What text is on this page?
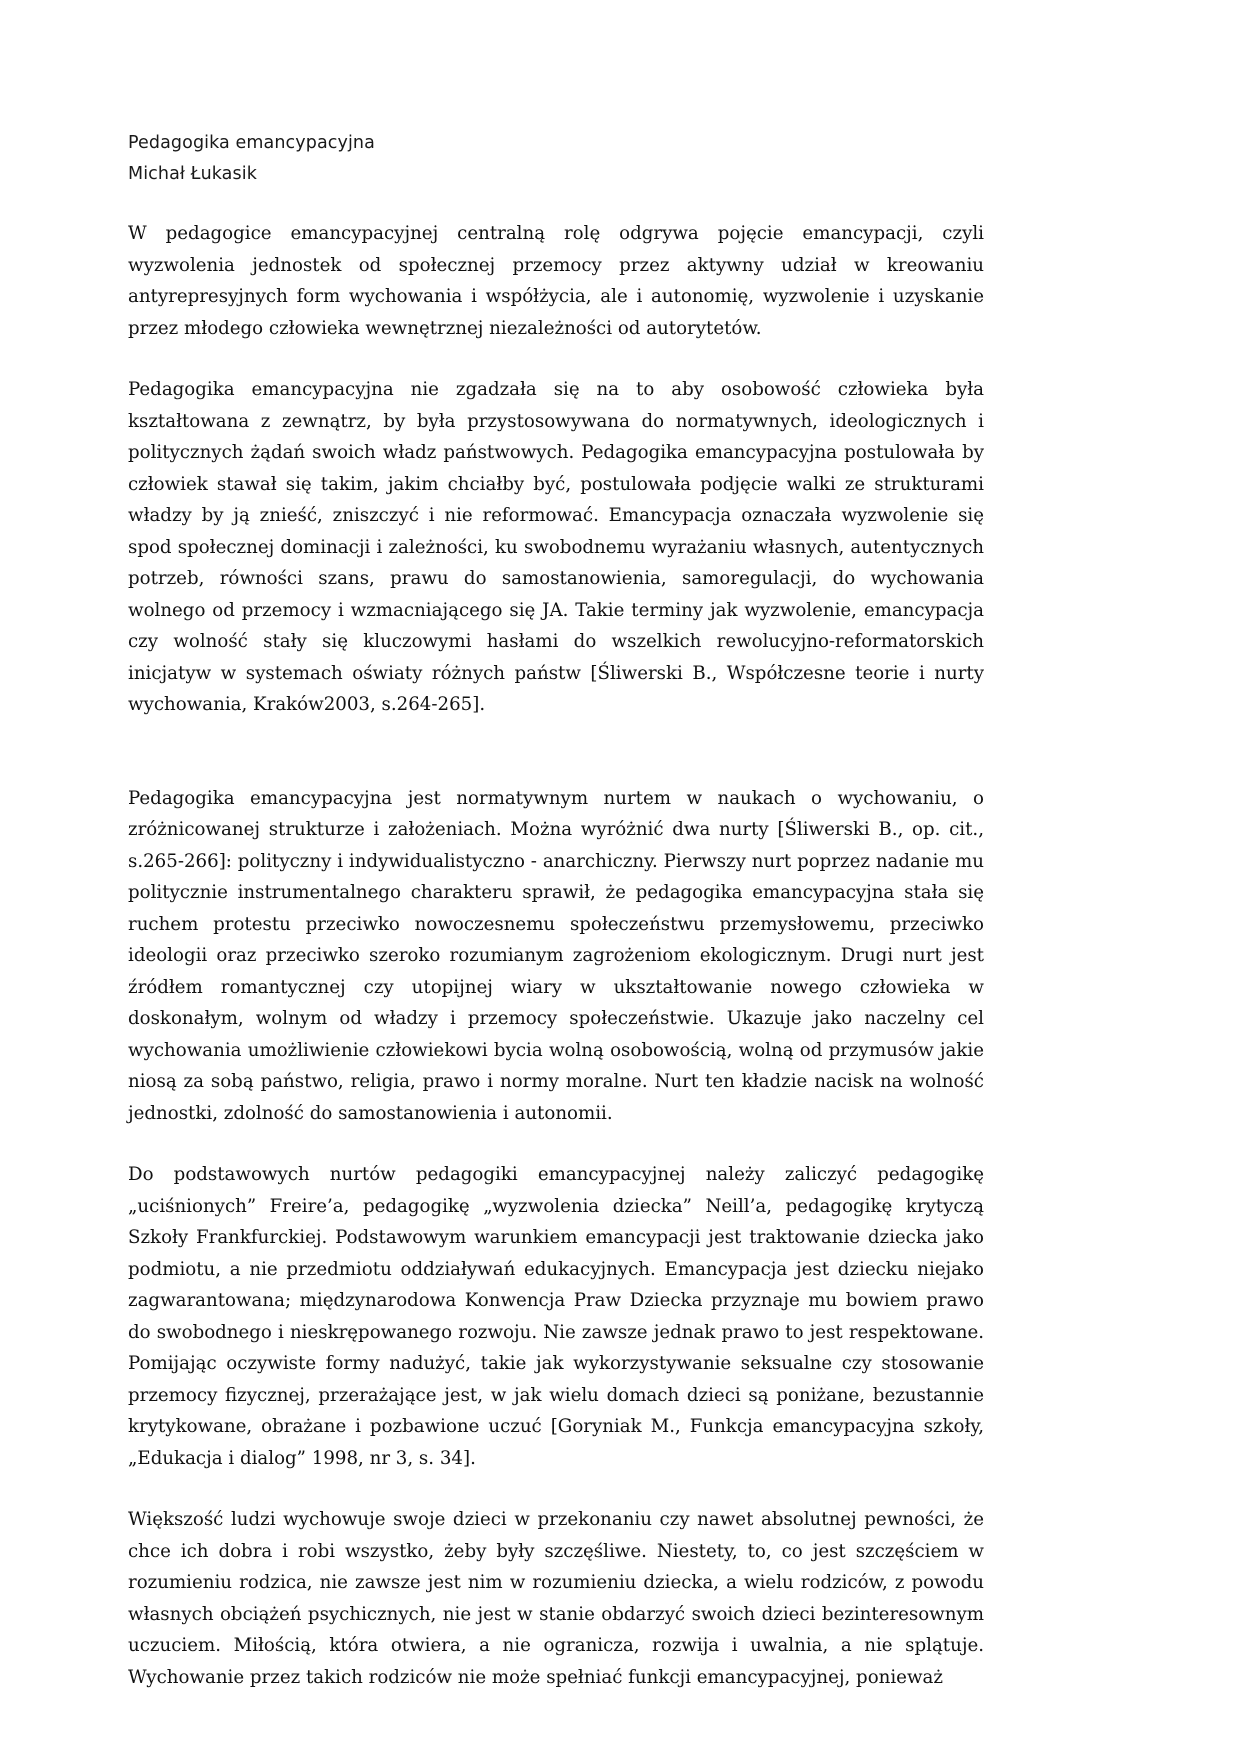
Pedagogika emancypacyjna
Michał Łukasik

W pedagogice emancypacyjnej centralną rolę odgrywa pojęcie emancypacji, czyli wyzwolenia jednostek od społecznej przemocy przez aktywny udział w kreowaniu antyrepresyjnych form wychowania i współżycia, ale i autonomię, wyzwolenie i uzyskanie przez młodego człowieka wewnętrznej niezależności od autorytetów.

Pedagogika emancypacyjna nie zgadzała się na to aby osobowość człowieka była kształtowana z zewnątrz, by była przystosowywana do normatywnych, ideologicznych i politycznych żądań swoich władz państwowych. Pedagogika emancypacyjna postulowała by człowiek stawał się takim, jakim chciałby być, postulowała podjęcie walki ze strukturami władzy by ją znieść, zniszczyć i nie reformować. Emancypacja oznaczała wyzwolenie się spod społecznej dominacji i zależności, ku swobodnemu wyrażaniu własnych, autentycznych potrzeb, równości szans, prawu do samostanowienia, samoregulacji, do wychowania wolnego od przemocy i wzmacniającego się JA. Takie terminy jak wyzwolenie, emancypacja czy wolność stały się kluczowymi hasłami do wszelkich rewolucyjno-reformatorskich inicjatyw w systemach oświaty różnych państw [Śliwerski B., Współczesne teorie i nurty wychowania, Kraków2003, s.264-265].

Pedagogika emancypacyjna jest normatywnym nurtem w naukach o wychowaniu, o zróżnicowanej strukturze i założeniach. Można wyróżnić dwa nurty [Śliwerski B., op. cit., s.265-266]: polityczny i indywidualistyczno - anarchiczny. Pierwszy nurt poprzez nadanie mu politycznie instrumentalnego charakteru sprawił, że pedagogika emancypacyjna stała się ruchem protestu przeciwko nowoczesnemu społeczeństwu przemysłowemu, przeciwko ideologii oraz przeciwko szeroko rozumianym zagrożeniom ekologicznym. Drugi nurt jest źródłem romantycznej czy utopijnej wiary w ukształtowanie nowego człowieka w doskonałym, wolnym od władzy i przemocy społeczeństwie. Ukazuje jako naczelny cel wychowania umożliwienie człowiekowi bycia wolną osobowością, wolną od przymusów jakie niosą za sobą państwo, religia, prawo i normy moralne. Nurt ten kładzie nacisk na wolność jednostki, zdolność do samostanowienia i autonomii.

Do podstawowych nurtów pedagogiki emancypacyjnej należy zaliczyć pedagogikę „uciśnionych” Freire’a, pedagogikę „wyzwolenia dziecka” Neill’a, pedagogikę krytyczą Szkoły Frankfurckiej. Podstawowym warunkiem emancypacji jest traktowanie dziecka jako podmiotu, a nie przedmiotu oddziaływań edukacyjnych. Emancypacja jest dziecku niejako zagwarantowana; międzynarodowa Konwencja Praw Dziecka przyznaje mu bowiem prawo do swobodnego i nieskrępowanego rozwoju. Nie zawsze jednak prawo to jest respektowane. Pomijając oczywiste formy nadużyć, takie jak wykorzystywanie seksualne czy stosowanie przemocy fizycznej, przerażające jest, w jak wielu domach dzieci są poniżane, bezustannie krytykowane, obrażane i pozbawione uczuć [Goryniak M., Funkcja emancypacyjna szkoły, „Edukacja i dialog” 1998, nr 3, s. 34].

Większość ludzi wychowuje swoje dzieci w przekonaniu czy nawet absolutnej pewności, że chce ich dobra i robi wszystko, żeby były szczęśliwe. Niestety, to, co jest szczęściem w rozumieniu rodzica, nie zawsze jest nim w rozumieniu dziecka, a wielu rodziców, z powodu własnych obciążeń psychicznych, nie jest w stanie obdarzyć swoich dzieci bezinteresownym uczuciem. Miłością, która otwiera, a nie ogranicza, rozwija i uwalnia, a nie splątuje. Wychowanie przez takich rodziców nie może spełniać funkcji emancypacyjnej, ponieważ
